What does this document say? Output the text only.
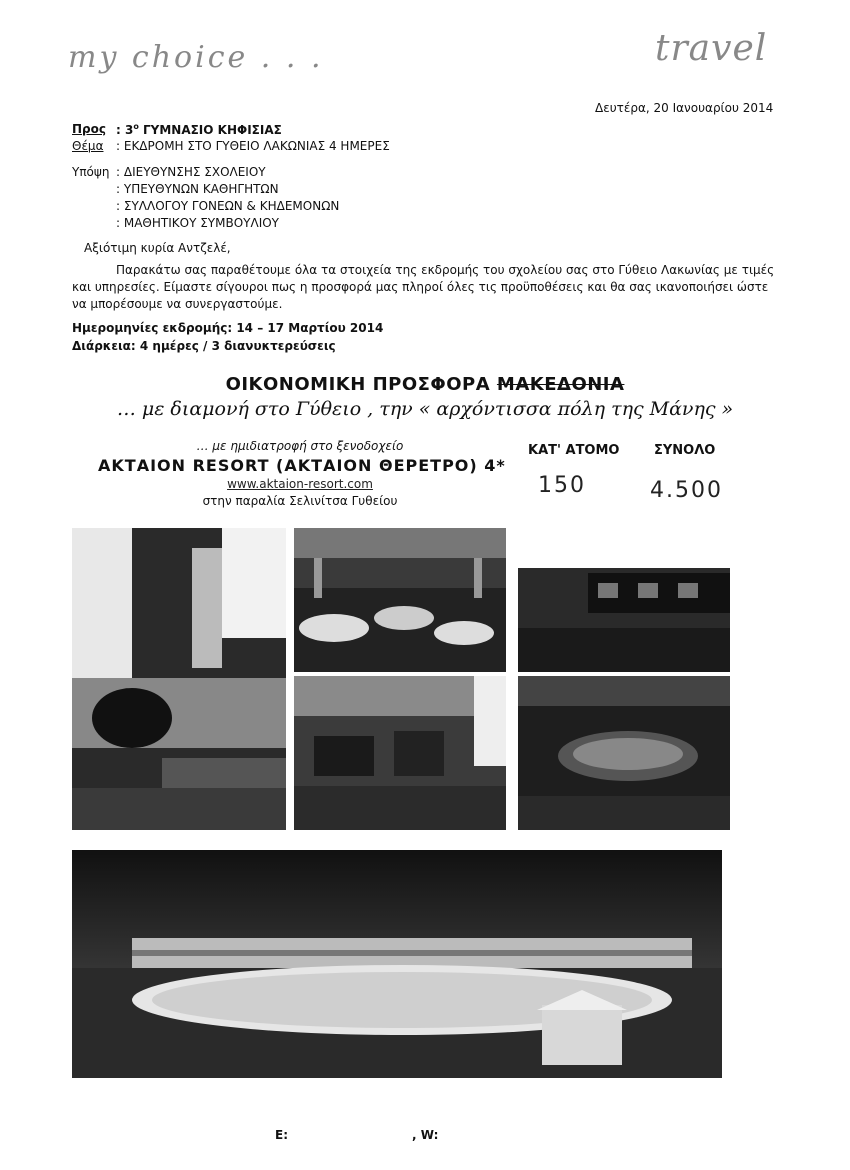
my choice . . .	travel
Δευτέρα, 20 Ιανουαρίου 2014
Προς : $3^o$ ΓΥΜΝΑΣΙΟ ΚΗΦΙΣΙΑΣ
Θέμα : ΕΚΔΡΟΜΗ ΣΤΟ ΓΥΘΕΙΟ ΛΑΚΩΝΙΑΣ 4 ΗΜΕΡΕΣ
Υπόψη : ΔΙΕΥΘΥΝΣΗΣ ΣΧΟΛΕΙΟΥ
: ΥΠΕΥΘΥΝΩΝ ΚΑΘΗΓΗΤΩΝ
: ΣΥΛΛΟΓΟΥ ΓΟΝΕΩΝ & ΚΗΔΕΜΟΝΩΝ
: ΜΑΘΗΤΙΚΟΥ ΣΥΜΒΟΥΛΙΟΥ
Αξιότιμη κυρία Αντζελέ,
Παρακάτω σας παραθέτουμε όλα τα στοιχεία της εκδρομής του σχολείου σας στο Γύθειο Λακωνίας με τιμές και υπηρεσίες. Είμαστε σίγουροι πως η προσφορά μας πληροί όλες τις προϋποθέσεις και θα σας ικανοποιήσει ώστε να μπορέσουμε να συνεργαστούμε.
Ημερομηνίες εκδρομής: 14 – 17 Μαρτίου 2014
Διάρκεια: 4 ημέρες / 3 διανυκτερεύσεις
ΟΙΚΟΝΟΜΙΚΗ ΠΡΟΣΦΟΡΑ ΜΑΚΕΔΟΝΙΑ
… με διαμονή στο Γύθειο , την « αρχόντισσα πόλη της Μάνης »
… με ημιδιατροφή στο ξενοδοχείο
ΑΚΤΑΙΟΝ RESORT (ΑΚΤΑΙΟΝ ΘΕΡΕΤΡΟ) 4*
www.aktaion-resort.com
στην παραλία Σελινίτσα Γυθείου
ΚΑΤ' ΑΤΟΜΟ	ΣΥΝΟΛΟ
150	4.500
E:	, W:
